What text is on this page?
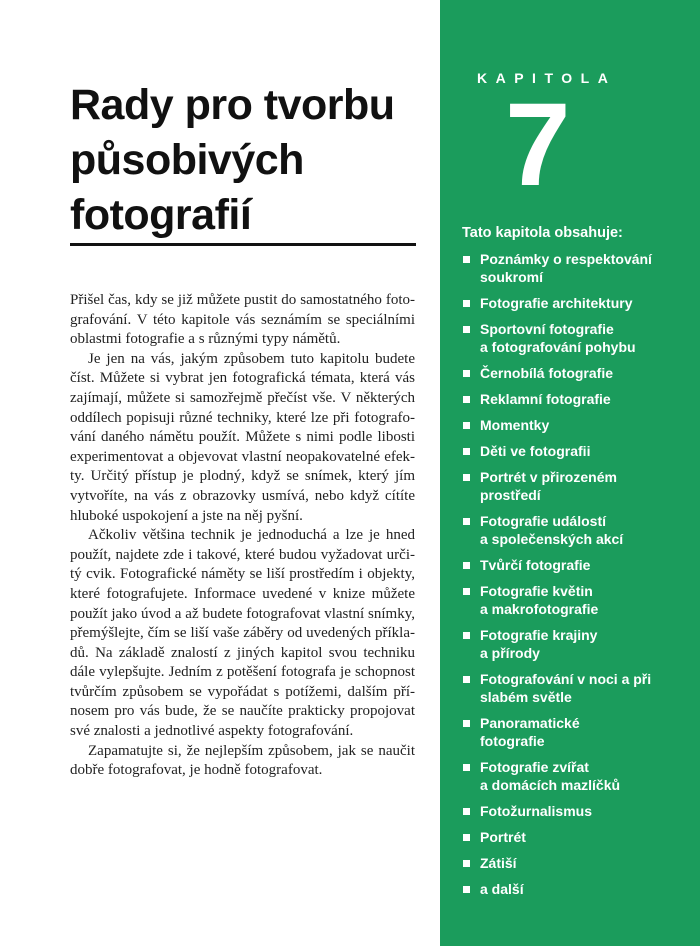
Rady pro tvorbu
působivých
fotografií
Přišel čas, kdy se již můžete pustit do samostatného foto-
grafování. V této kapitole vás seznámím se speciálními
oblastmi fotografie a s různými typy námětů.
Je jen na vás, jakým způsobem tuto kapitolu budete
číst. Můžete si vybrat jen fotografická témata, která vás
zajímají, můžete si samozřejmě přečíst vše. V některých
oddílech popisuji různé techniky, které lze při fotografo-
vání daného námětu použít. Můžete s nimi podle libosti
experimentovat a objevovat vlastní neopakovatelné efek-
ty. Určitý přístup je plodný, když se snímek, který jím
vytvoříte, na vás z obrazovky usmívá, nebo když cítíte
hluboké uspokojení a jste na něj pyšní.
Ačkoliv většina technik je jednoduchá a lze je hned
použít, najdete zde i takové, které budou vyžadovat urči-
tý cvik. Fotografické náměty se liší prostředím i objekty,
které fotografujete. Informace uvedené v knize můžete
použít jako úvod a až budete fotografovat vlastní snímky,
přemýšlejte, čím se liší vaše záběry od uvedených příkla-
dů. Na základě znalostí z jiných kapitol svou techniku
dále vylepšujte. Jedním z potěšení fotografa je schopnost
tvůrčím způsobem se vypořádat s potížemi, dalším pří-
nosem pro vás bude, že se naučíte prakticky propojovat
své znalosti a jednotlivé aspekty fotografování.
Zapamatujte si, že nejlepším způsobem, jak se naučit
dobře fotografovat, je hodně fotografovat.
KAPITOLA
7
Tato kapitola obsahuje:
Poznámky o respektování
soukromí
Fotografie architektury
Sportovní fotografie
a fotografování pohybu
Černobílá fotografie
Reklamní fotografie
Momentky
Děti ve fotografii
Portrét v přirozeném
prostředí
Fotografie událostí
a společenských akcí
Tvůrčí fotografie
Fotografie květin
a makrofotografie
Fotografie krajiny
a přírody
Fotografování v noci a při
slabém světle
Panoramatické
fotografie
Fotografie zvířat
a domácích mazlíčků
Fotožurnalismus
Portrét
Zátiší
a další
